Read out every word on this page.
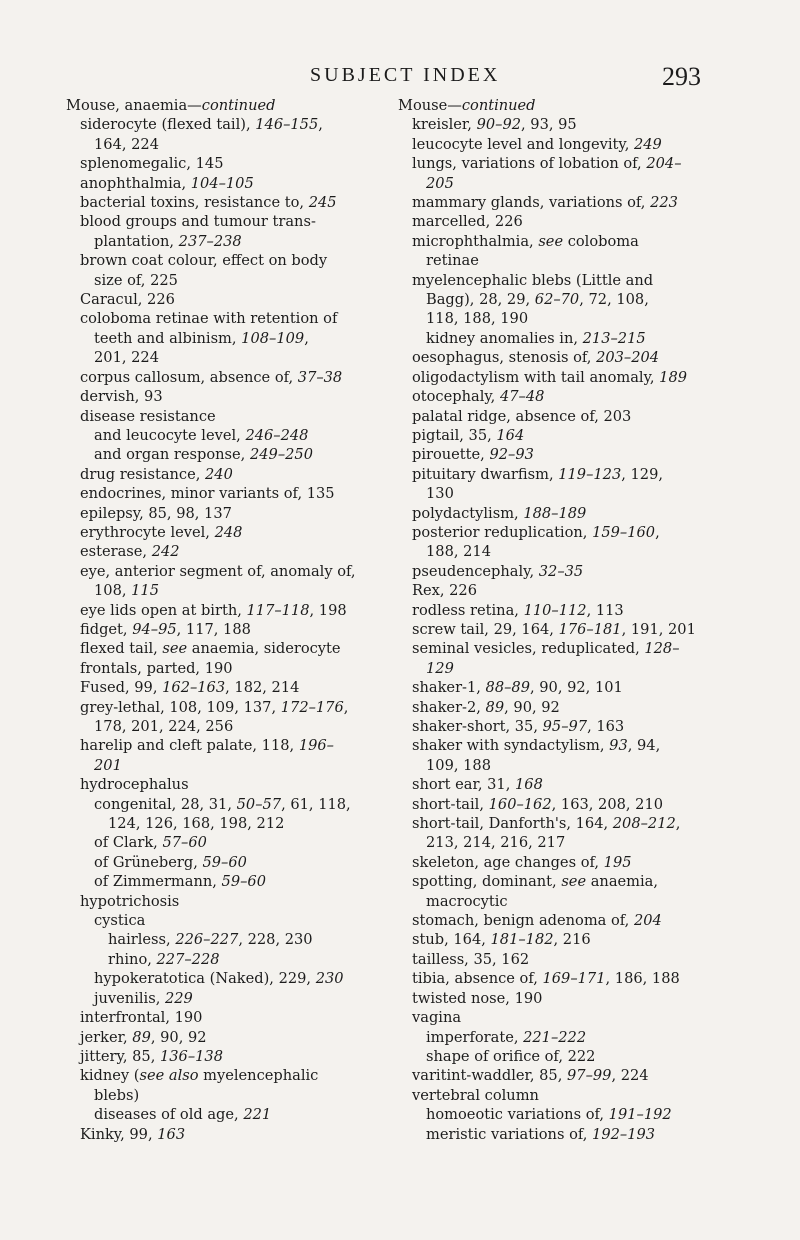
SUBJECT INDEX	293
Mouse, anaemia—continued
siderocyte (flexed tail), 146–155,
164, 224
splenomegalic, 145
anophthalmia, 104–105
bacterial toxins, resistance to, 245
blood groups and tumour trans-
plantation, 237–238
brown coat colour, effect on body
size of, 225
Caracul, 226
coloboma retinae with retention of
teeth and albinism, 108–109,
201, 224
corpus callosum, absence of, 37–38
dervish, 93
disease resistance
and leucocyte level, 246–248
and organ response, 249–250
drug resistance, 240
endocrines, minor variants of, 135
epilepsy, 85, 98, 137
erythrocyte level, 248
esterase, 242
eye, anterior segment of, anomaly of,
108, 115
eye lids open at birth, 117–118, 198
fidget, 94–95, 117, 188
flexed tail, see anaemia, siderocyte
frontals, parted, 190
Fused, 99, 162–163, 182, 214
grey-lethal, 108, 109, 137, 172–176,
178, 201, 224, 256
harelip and cleft palate, 118, 196–
201
hydrocephalus
congenital, 28, 31, 50–57, 61, 118,
124, 126, 168, 198, 212
of Clark, 57–60
of Grüneberg, 59–60
of Zimmermann, 59–60
hypotrichosis
cystica
hairless, 226–227, 228, 230
rhino, 227–228
hypokeratotica (Naked), 229, 230
juvenilis, 229
interfrontal, 190
jerker, 89, 90, 92
jittery, 85, 136–138
kidney (see also myelencephalic
blebs)
diseases of old age, 221
Kinky, 99, 163
Mouse—continued
kreisler, 90–92, 93, 95
leucocyte level and longevity, 249
lungs, variations of lobation of, 204–
205
mammary glands, variations of, 223
marcelled, 226
microphthalmia, see coloboma
retinae
myelencephalic blebs (Little and
Bagg), 28, 29, 62–70, 72, 108,
118, 188, 190
kidney anomalies in, 213–215
oesophagus, stenosis of, 203–204
oligodactylism with tail anomaly, 189
otocephaly, 47–48
palatal ridge, absence of, 203
pigtail, 35, 164
pirouette, 92–93
pituitary dwarfism, 119–123, 129,
130
polydactylism, 188–189
posterior reduplication, 159–160,
188, 214
pseudencephaly, 32–35
Rex, 226
rodless retina, 110–112, 113
screw tail, 29, 164, 176–181, 191, 201
seminal vesicles, reduplicated, 128–
129
shaker-1, 88–89, 90, 92, 101
shaker-2, 89, 90, 92
shaker-short, 35, 95–97, 163
shaker with syndactylism, 93, 94,
109, 188
short ear, 31, 168
short-tail, 160–162, 163, 208, 210
short-tail, Danforth's, 164, 208–212,
213, 214, 216, 217
skeleton, age changes of, 195
spotting, dominant, see anaemia,
macrocytic
stomach, benign adenoma of, 204
stub, 164, 181–182, 216
tailless, 35, 162
tibia, absence of, 169–171, 186, 188
twisted nose, 190
vagina
imperforate, 221–222
shape of orifice of, 222
varitint-waddler, 85, 97–99, 224
vertebral column
homoeotic variations of, 191–192
meristic variations of, 192–193
